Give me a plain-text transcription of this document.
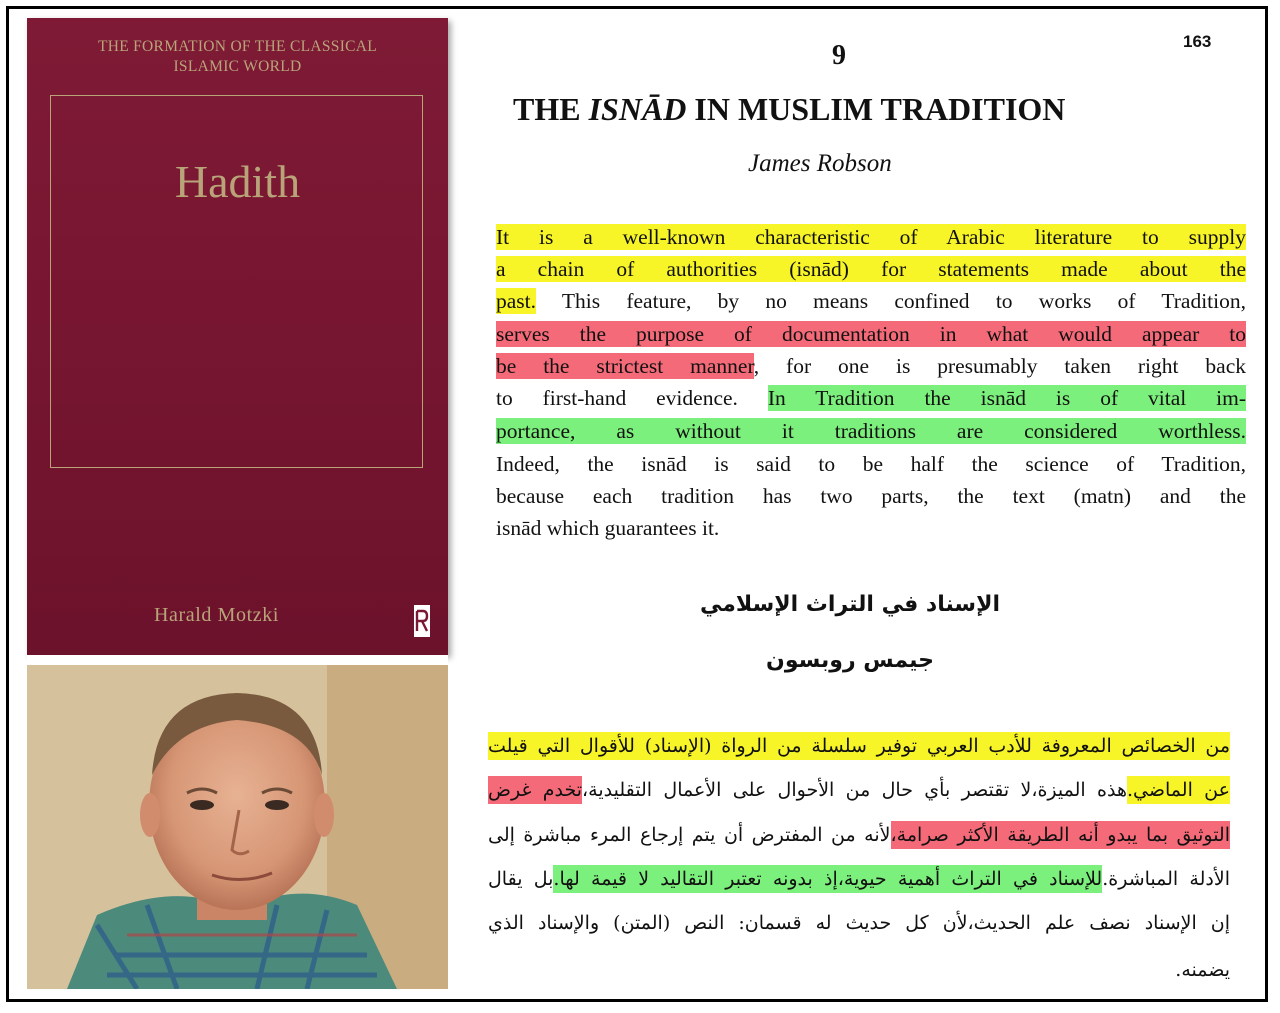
THE FORMATION OF THE CLASSICAL
ISLAMIC WORLD
Hadith
Harald Motzki
163
9
THE ISNĀD IN MUSLIM TRADITION
James Robson
It is a well-known characteristic of Arabic literature to supply
a chain of authorities (isnād) for statements made about the
past. This feature, by no means confined to works of Tradition,
serves the purpose of documentation in what would appear to
be the strictest manner, for one is presumably taken right back
to first-hand evidence. In Tradition the isnād is of vital im-
portance, as without it traditions are considered worthless.
Indeed, the isnād is said to be half the science of Tradition,
because each tradition has two parts, the text (matn) and the
isnād which guarantees it.
الإسناد في التراث الإسلامي
جيمس روبسون
من الخصائص المعروفة للأدب العربي توفير سلسلة من الرواة (الإسناد) للأقوال التي قيلت
عن الماضي.هذه الميزة،لا تقتصر بأي حال من الأحوال على الأعمال التقليدية،تخدم غرض
التوثيق بما يبدو أنه الطريقة الأكثر صرامة،لأنه من المفترض أن يتم إرجاع المرء مباشرة إلى
الأدلة المباشرة.للإسناد في التراث أهمية حيوية،إذ بدونه تعتبر التقاليد لا قيمة لها.بل يقال
إن الإسناد نصف علم الحديث،لأن كل حديث له قسمان: النص (المتن) والإسناد الذي
يضمنه.
